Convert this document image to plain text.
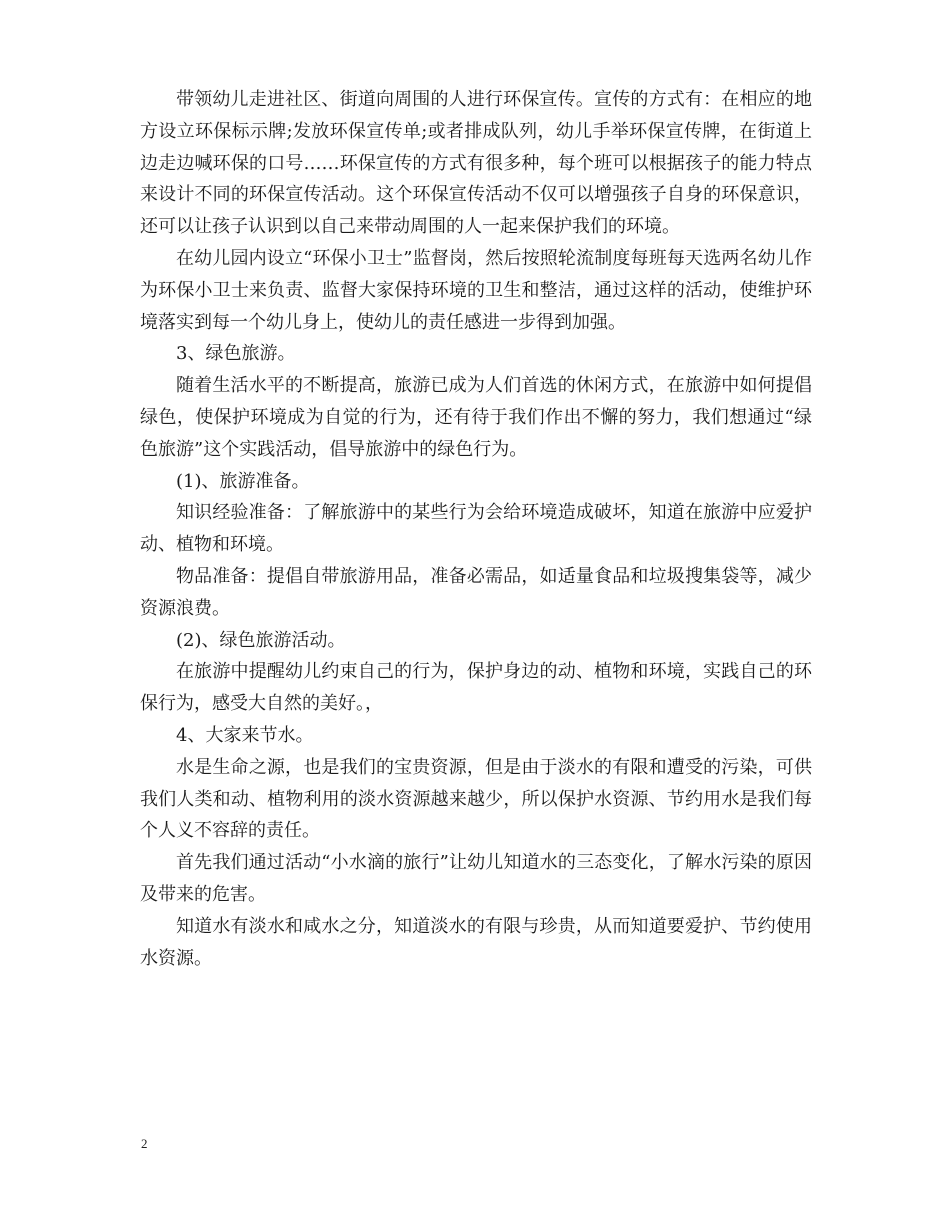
带领幼儿走进社区、街道向周围的人进行环保宣传。宣传的方式有：在相应的地方设立环保标示牌;发放环保宣传单;或者排成队列，幼儿手举环保宣传牌，在街道上边走边喊环保的口号……环保宣传的方式有很多种，每个班可以根据孩子的能力特点来设计不同的环保宣传活动。这个环保宣传活动不仅可以增强孩子自身的环保意识，还可以让孩子认识到以自己来带动周围的人一起来保护我们的环境。

在幼儿园内设立“环保小卫士”监督岗，然后按照轮流制度每班每天选两名幼儿作为环保小卫士来负责、监督大家保持环境的卫生和整洁，通过这样的活动，使维护环境落实到每一个幼儿身上，使幼儿的责任感进一步得到加强。

3、绿色旅游。

随着生活水平的不断提高，旅游已成为人们首选的休闲方式，在旅游中如何提倡绿色，使保护环境成为自觉的行为，还有待于我们作出不懈的努力，我们想通过“绿色旅游”这个实践活动，倡导旅游中的绿色行为。

(1)、旅游准备。

知识经验准备：了解旅游中的某些行为会给环境造成破坏，知道在旅游中应爱护动、植物和环境。

物品准备：提倡自带旅游用品，准备必需品，如适量食品和垃圾搜集袋等，减少资源浪费。

(2)、绿色旅游活动。

在旅游中提醒幼儿约束自己的行为，保护身边的动、植物和环境，实践自己的环保行为，感受大自然的美好。，

4、大家来节水。

水是生命之源，也是我们的宝贵资源，但是由于淡水的有限和遭受的污染，可供我们人类和动、植物利用的淡水资源越来越少，所以保护水资源、节约用水是我们每个人义不容辞的责任。

首先我们通过活动“小水滴的旅行”让幼儿知道水的三态变化，了解水污染的原因及带来的危害。

知道水有淡水和咸水之分，知道淡水的有限与珍贵，从而知道要爱护、节约使用水资源。

2
